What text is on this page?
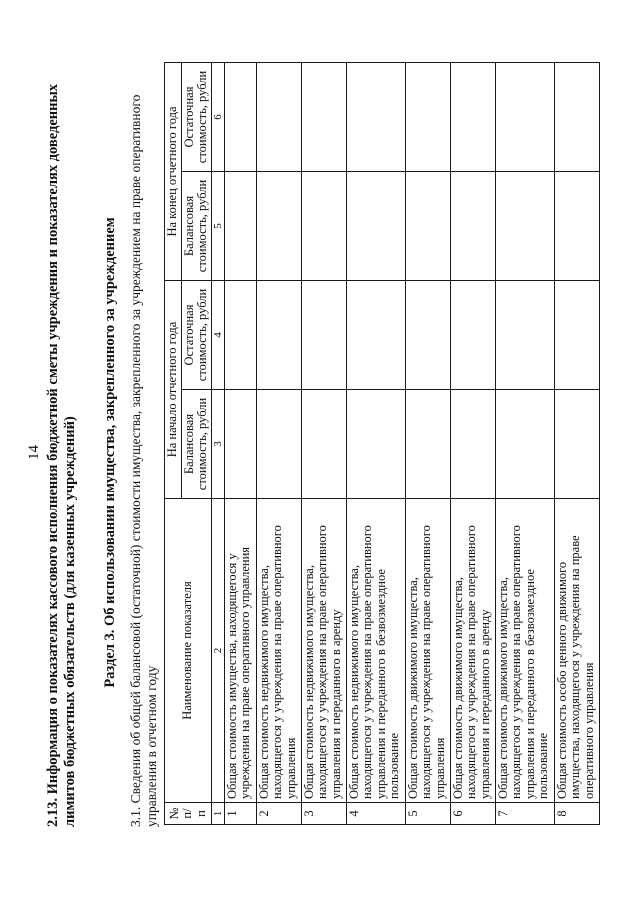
14 2.13. Информация о показателях кассового исполнения бюджетной сметы учреждения и показателях доведенных лимитов бюджетных обязательств (для казенных учреждений) Раздел 3. Об использовании имущества, закрепленного за учреждением 3.1. Сведения об общей балансовой (остаточной) стоимости имущества, закрепленного за учреждением на праве оперативного управления в отчетном году № п/п	Наименование показателя	На начало отчетного года		На конец отчетного года	
		Балансовая стоимость, рубли	Остаточная стоимость, рубли	Балансовая стоимость, рубли	Остаточная стоимость, рубли
1	2	3	4	5	6
1	Общая стоимость имущества, находящегося у учреждения на праве оперативного управления				
2	Общая стоимость недвижимого имущества, находящегося у учреждения на праве оперативного управления				
3	Общая стоимость недвижимого имущества, находящегося у учреждения на праве оперативного управления и переданного в аренду				
4	Общая стоимость недвижимого имущества, находящегося у учреждения на праве оперативного управления и переданного в безвозмездное пользование				
5	Общая стоимость движимого имущества, находящегося у учреждения на праве оперативного управления				
6	Общая стоимость движимого имущества, находящегося у учреждения на праве оперативного управления и переданного в аренду				
7	Общая стоимость движимого имущества, находящегося у учреждения на праве оперативного управления и переданного в безвозмездное пользование				
8	Общая стоимость особо ценного движимого имущества, находящегося у учреждения на праве оперативного управления				
